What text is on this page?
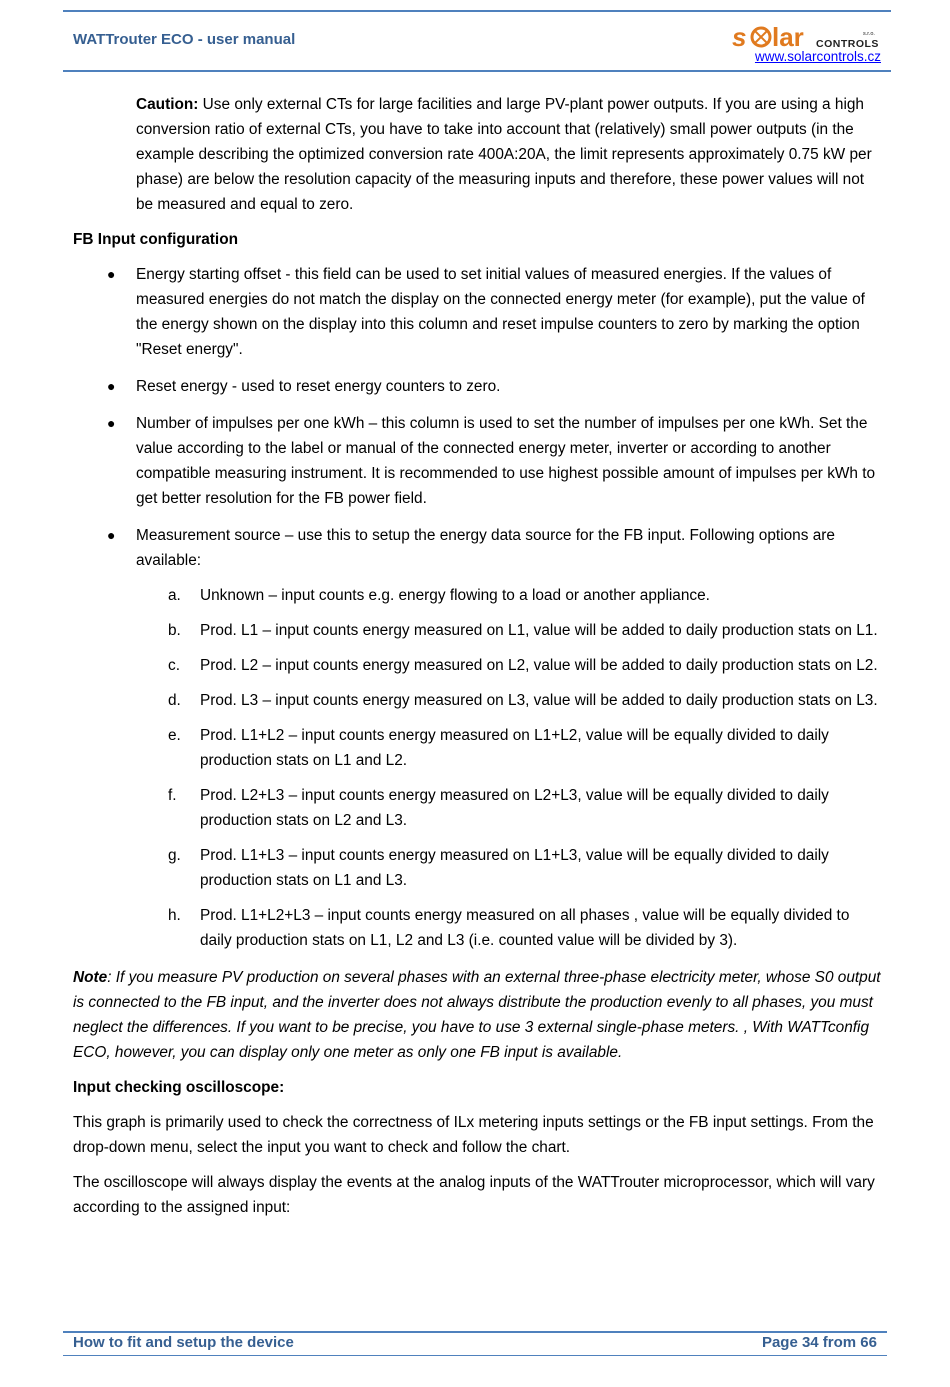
WATTrouter ECO - user manual	s lar CONTROLS
s.r.o.
www.solarcontrols.cz

Caution: Use only external CTs for large facilities and large PV-plant power outputs. If you are using a high conversion ratio of external CTs, you have to take into account that (relatively) small power outputs (in the example describing the optimized conversion rate 400A:20A, the limit represents approximately 0.75 kW per phase) are below the resolution capacity of the measuring inputs and therefore, these power values will not be measured and equal to zero.

FB Input configuration

● Energy starting offset - this field can be used to set initial values of measured energies. If the values of measured energies do not match the display on the connected energy meter (for example), put the value of the energy shown on the display into this column and reset impulse counters to zero by marking the option "Reset energy".
● Reset energy - used to reset energy counters to zero.
● Number of impulses per one kWh – this column is used to set the number of impulses per one kWh. Set the value according to the label or manual of the connected energy meter, inverter or according to another compatible measuring instrument. It is recommended to use highest possible amount of impulses per kWh to get better resolution for the FB power field.
● Measurement source – use this to setup the energy data source for the FB input. Following options are available:
a. Unknown – input counts e.g. energy flowing to a load or another appliance.
b. Prod. L1 – input counts energy measured on L1, value will be added to daily production stats on L1.
c. Prod. L2 – input counts energy measured on L2, value will be added to daily production stats on L2.
d. Prod. L3 – input counts energy measured on L3, value will be added to daily production stats on L3.
e. Prod. L1+L2 – input counts energy measured on L1+L2, value will be equally divided to daily production stats on L1 and L2.
f. Prod. L2+L3 – input counts energy measured on L2+L3, value will be equally divided to daily production stats on L2 and L3.
g. Prod. L1+L3 – input counts energy measured on L1+L3, value will be equally divided to daily production stats on L1 and L3.
h. Prod. L1+L2+L3 – input counts energy measured on all phases , value will be equally divided to daily production stats on L1, L2 and L3 (i.e. counted value will be divided by 3).

Note: If you measure PV production on several phases with an external three-phase electricity meter, whose S0 output is connected to the FB input, and the inverter does not always distribute the production evenly to all phases, you must neglect the differences. If you want to be precise, you have to use 3 external single-phase meters. , With WATTconfig ECO, however, you can display only one meter as only one FB input is available.

Input checking oscilloscope:

This graph is primarily used to check the correctness of ILx metering inputs settings or the FB input settings. From the drop-down menu, select the input you want to check and follow the chart.

The oscilloscope will always display the events at the analog inputs of the WATTrouter microprocessor, which will vary according to the assigned input:

How to fit and setup the device	Page 34 from 66
